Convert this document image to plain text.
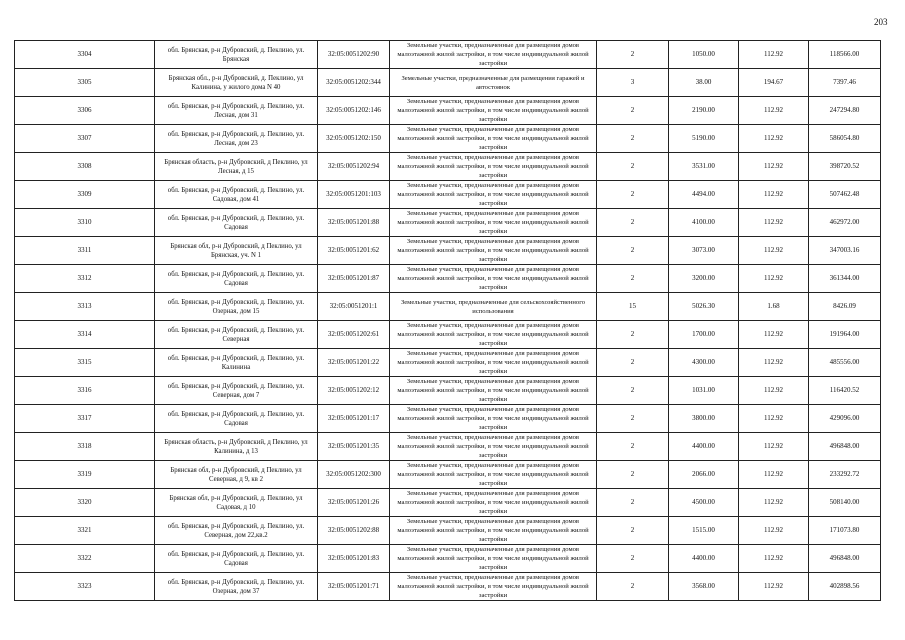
203
3304	обл. Брянская, р-н Дубровский, д. Пеклино, ул. Брянская	32:05:0051202:90	Земельные участки, предназначенные для размещения домов малоэтажной жилой застройки, в том числе индивидуальной жилой застройки	2	1050.00	112.92	118566.00
3305	Брянская обл., р-н Дубровский, д. Пеклино, ул Калинина, у жилого дома N 40	32:05:0051202:344	Земельные участки, предназначенные для размещения гаражей и автостоянок	3	38.00	194.67	7397.46
3306	обл. Брянская, р-н Дубровский, д. Пеклино, ул. Лесная, дом 31	32:05:0051202:146	Земельные участки, предназначенные для размещения домов малоэтажной жилой застройки, в том числе индивидуальной жилой застройки	2	2190.00	112.92	247294.80
3307	обл. Брянская, р-н Дубровский, д. Пеклино, ул. Лесная, дом 23	32:05:0051202:150	Земельные участки, предназначенные для размещения домов малоэтажной жилой застройки, в том числе индивидуальной жилой застройки	2	5190.00	112.92	586054.80
3308	Брянская область, р-н Дубровский, д Пеклино, ул Лесная, д 15	32:05:0051202:94	Земельные участки, предназначенные для размещения домов малоэтажной жилой застройки, в том числе индивидуальной жилой застройки	2	3531.00	112.92	398720.52
3309	обл. Брянская, р-н Дубровский, д. Пеклино, ул. Садовая, дом 41	32:05:0051201:103	Земельные участки, предназначенные для размещения домов малоэтажной жилой застройки, в том числе индивидуальной жилой застройки	2	4494.00	112.92	507462.48
3310	обл. Брянская, р-н Дубровский, д. Пеклино, ул. Садовая	32:05:0051201:88	Земельные участки, предназначенные для размещения домов малоэтажной жилой застройки, в том числе индивидуальной жилой застройки	2	4100.00	112.92	462972.00
3311	Брянская обл, р-н Дубровский, д Пеклино, ул Брянская, уч. N 1	32:05:0051201:62	Земельные участки, предназначенные для размещения домов малоэтажной жилой застройки, в том числе индивидуальной жилой застройки	2	3073.00	112.92	347003.16
3312	обл. Брянская, р-н Дубровский, д. Пеклино, ул. Садовая	32:05:0051201:87	Земельные участки, предназначенные для размещения домов малоэтажной жилой застройки, в том числе индивидуальной жилой застройки	2	3200.00	112.92	361344.00
3313	обл. Брянская, р-н Дубровский, д. Пеклино, ул. Озерная, дом 15	32:05:0051201:1	Земельные участки, предназначенные для сельскохозяйственного использования	15	5026.30	1.68	8426.09
3314	обл. Брянская, р-н Дубровский, д. Пеклино, ул. Северная	32:05:0051202:61	Земельные участки, предназначенные для размещения домов малоэтажной жилой застройки, в том числе индивидуальной жилой застройки	2	1700.00	112.92	191964.00
3315	обл. Брянская, р-н Дубровский, д. Пеклино, ул. Калинина	32:05:0051201:22	Земельные участки, предназначенные для размещения домов малоэтажной жилой застройки, в том числе индивидуальной жилой застройки	2	4300.00	112.92	485556.00
3316	обл. Брянская, р-н Дубровский, д. Пеклино, ул. Северная, дом 7	32:05:0051202:12	Земельные участки, предназначенные для размещения домов малоэтажной жилой застройки, в том числе индивидуальной жилой застройки	2	1031.00	112.92	116420.52
3317	обл. Брянская, р-н Дубровский, д. Пеклино, ул. Садовая	32:05:0051201:17	Земельные участки, предназначенные для размещения домов малоэтажной жилой застройки, в том числе индивидуальной жилой застройки	2	3800.00	112.92	429096.00
3318	Брянская область, р-н Дубровский, д Пеклино, ул Калинина, д 13	32:05:0051201:35	Земельные участки, предназначенные для размещения домов малоэтажной жилой застройки, в том числе индивидуальной жилой застройки	2	4400.00	112.92	496848.00
3319	Брянская обл, р-н Дубровский, д Пеклино, ул Северная, д 9, кв 2	32:05:0051202:300	Земельные участки, предназначенные для размещения домов малоэтажной жилой застройки, в том числе индивидуальной жилой застройки	2	2066.00	112.92	233292.72
3320	Брянская обл, р-н Дубровский, д. Пеклино, ул Садовая, д 10	32:05:0051201:26	Земельные участки, предназначенные для размещения домов малоэтажной жилой застройки, в том числе индивидуальной жилой застройки	2	4500.00	112.92	508140.00
3321	обл. Брянская, р-н Дубровский, д. Пеклино, ул. Северная, дом 22,кв.2	32:05:0051202:88	Земельные участки, предназначенные для размещения домов малоэтажной жилой застройки, в том числе индивидуальной жилой застройки	2	1515.00	112.92	171073.80
3322	обл. Брянская, р-н Дубровский, д. Пеклино, ул. Садовая	32:05:0051201:83	Земельные участки, предназначенные для размещения домов малоэтажной жилой застройки, в том числе индивидуальной жилой застройки	2	4400.00	112.92	496848.00
3323	обл. Брянская, р-н Дубровский, д. Пеклино, ул. Озерная, дом 37	32:05:0051201:71	Земельные участки, предназначенные для размещения домов малоэтажной жилой застройки, в том числе индивидуальной жилой застройки	2	3568.00	112.92	402898.56
